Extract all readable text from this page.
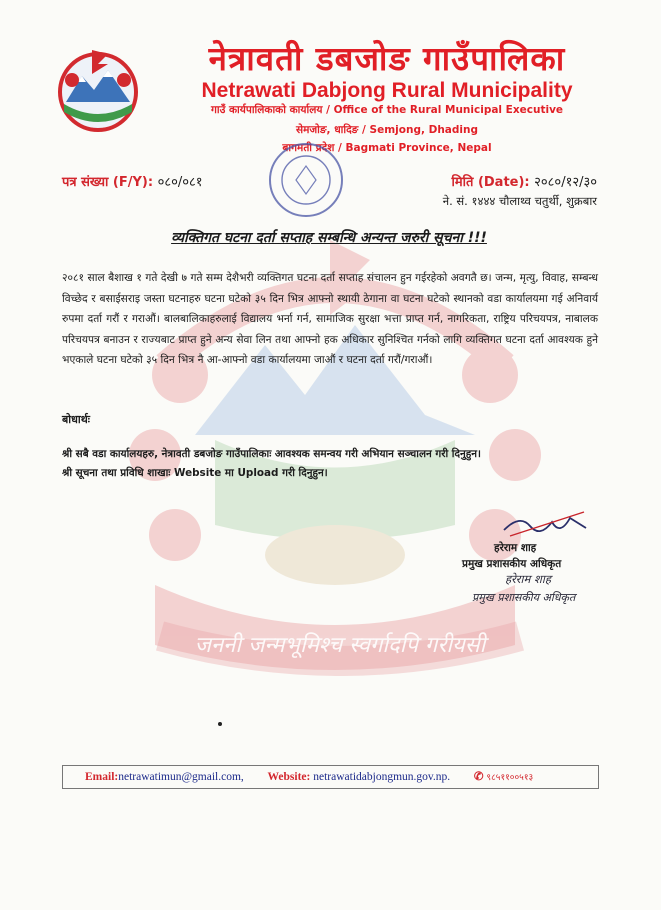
नेत्रावती डबजोङ गाउँपालिका
Netrawati Dabjong Rural Municipality
गाउँ कार्यपालिकाको कार्यालय / Office of the Rural Municipal Executive
सेमजोङ, धादिङ / Semjong, Dhading
बागमती प्रदेश / Bagmati Province, Nepal
पत्र संख्या (F/Y): ०८०/०८१	मिति (Date): २०८०/१२/३०
ने. सं. १४४४ चौलाथ्व चतुर्थी, शुक्रबार
व्यक्तिगत घटना दर्ता सप्ताह सम्बन्धि अन्यन्त जरुरी सूचना !!!
२०८१ साल बैशाख १ गते देखी ७ गते सम्म देशैभरी व्यक्तिगत घटना दर्ता सप्ताह संचालन हुन गईरहेको अवगतै छ। जन्म, मृत्यु, विवाह, सम्बन्ध विच्छेद र बसाईसराइ जस्ता घटनाहरु घटना घटेको ३५ दिन भित्र आफ्नो स्थायी ठेगाना वा घटना घटेको स्थानको वडा कार्यालयमा गई अनिवार्य रुपमा दर्ता गरौं र गराऔं। बालबालिकाहरुलाई विद्यालय भर्ना गर्न, सामाजिक सुरक्षा भत्ता प्राप्त गर्न, नागरिकता, राष्ट्रिय परिचयपत्र, नाबालक परिचयपत्र बनाउन र राज्यबाट प्राप्त हुने अन्य सेवा लिन तथा आफ्नो हक अधिकार सुनिश्चित गर्नको लागि व्यक्तिगत घटना दर्ता आवश्यक हुने भएकाले घटना घटेको ३५ दिन भित्र नै आ-आफ्नो वडा कार्यालयमा जाऔं र घटना दर्ता गरौं/गराऔं।
बोधार्थः
श्री सबै वडा कार्यालयहरु, नेत्रावती डबजोङ गाउँपालिकाः आवश्यक समन्वय गरी अभियान सञ्चालन गरी दिनुहुन।
श्री सूचना तथा प्रविधि शाखाः Website मा Upload गरी दिनुहुन।
हरेराम शाह
प्रमुख प्रशासकीय अधिकृत
हरेराम शाह
प्रमुख प्रशासकीय अधिकृत
जननी जन्मभूमिश्च स्वर्गादपि गरीयसी
Email:netrawatimun@gmail.com, Website: netrawatidabjongmun.gov.np. ✆ ९८५११००५१३
